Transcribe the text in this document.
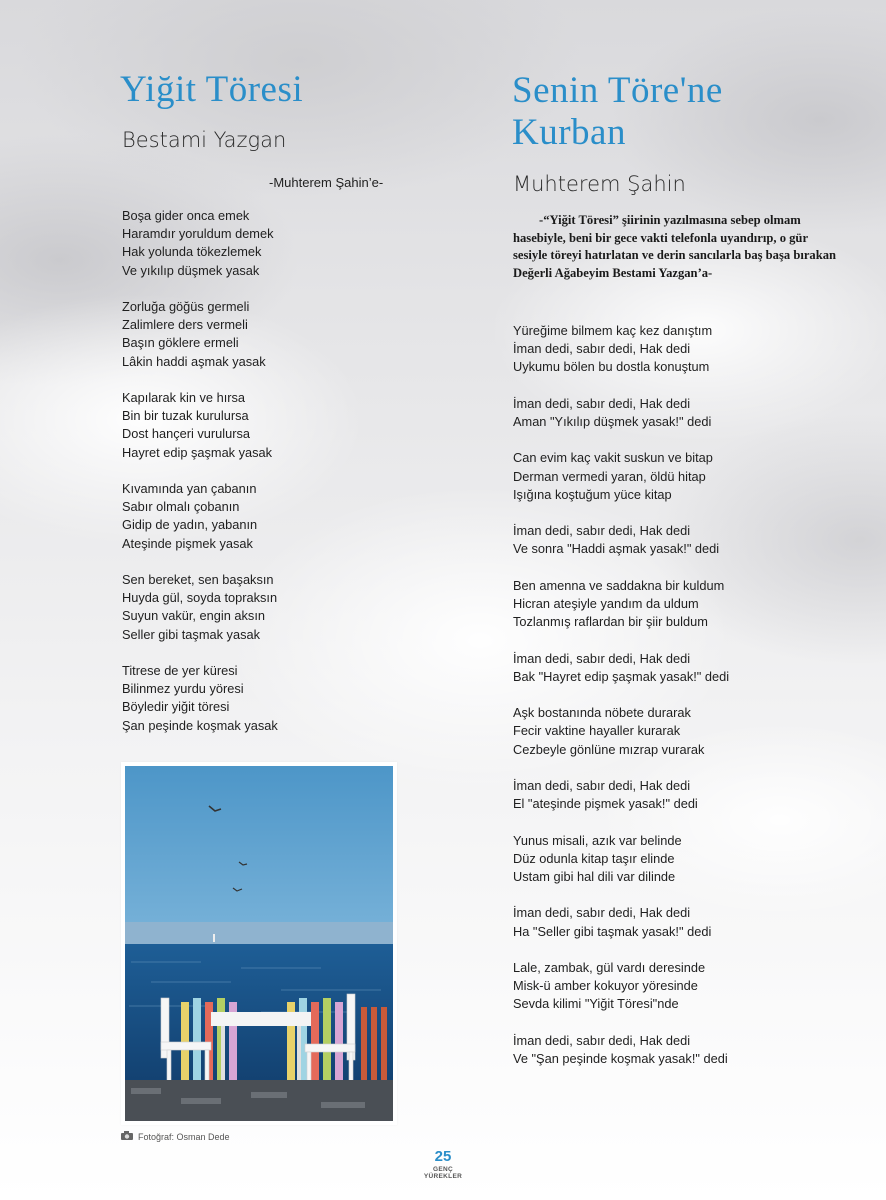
Yiğit Töresi

Bestami Yazgan

-Muhterem Şahin’e-

Boşa gider onca emek
Haramdır yoruldum demek
Hak yolunda tökezlemek
Ve yıkılıp düşmek yasak
Zorluğa göğüs germeli
Zalimlere ders vermeli
Başın göklere ermeli
Lâkin haddi aşmak yasak
Kapılarak kin ve hırsa
Bin bir tuzak kurulursa
Dost hançeri vurulursa
Hayret edip şaşmak yasak
Kıvamında yan çabanın
Sabır olmalı çobanın
Gidip de yadın, yabanın
Ateşinde pişmek yasak
Sen bereket, sen başaksın
Huyda gül, soyda topraksın
Suyun vakür, engin aksın
Seller gibi taşmak yasak
Titrese de yer küresi
Bilinmez yurdu yöresi
Böyledir yiğit töresi
Şan peşinde koşmak yasak
Senin Töre'ne
Kurban

Muhterem Şahin

-“Yiğit Töresi” şiirinin yazılmasına sebep olmam hasebiyle, beni bir gece vakti telefonla uyandırıp, o gür sesiyle töreyi hatırlatan ve derin sancılarla baş başa bırakan Değerli Ağabeyim Bestami Yazgan’a-

Yüreğime bilmem kaç kez danıştım
İman dedi, sabır dedi, Hak dedi
Uykumu bölen bu dostla konuştum
İman dedi, sabır dedi, Hak dedi
Aman "Yıkılıp düşmek yasak!" dedi
Can evim kaç vakit suskun ve bitap
Derman vermedi yaran, öldü hitap
Işığına koştuğum yüce kitap
İman dedi, sabır dedi, Hak dedi
Ve sonra "Haddi aşmak yasak!" dedi
Ben amenna ve saddakna bir kuldum
Hicran ateşiyle yandım da uldum
Tozlanmış raflardan bir şiir buldum
İman dedi, sabır dedi, Hak dedi
Bak "Hayret edip şaşmak yasak!" dedi
Aşk bostanında nöbete durarak
Fecir vaktine hayaller kurarak
Cezbeyle gönlüne mızrap vurarak
İman dedi, sabır dedi, Hak dedi
El "ateşinde pişmek yasak!" dedi
Yunus misali, azık var belinde
Düz odunla kitap taşır elinde
Ustam gibi hal dili var dilinde
İman dedi, sabır dedi, Hak dedi
Ha "Seller gibi taşmak yasak!" dedi
Lale, zambak, gül vardı deresinde
Misk-ü amber kokuyor yöresinde
Sevda kilimi "Yiğit Töresi"nde
İman dedi, sabır dedi, Hak dedi
Ve "Şan peşinde koşmak yasak!" dedi
Fotoğraf: Osman Dede
25
GENÇ
YÜREKLER
